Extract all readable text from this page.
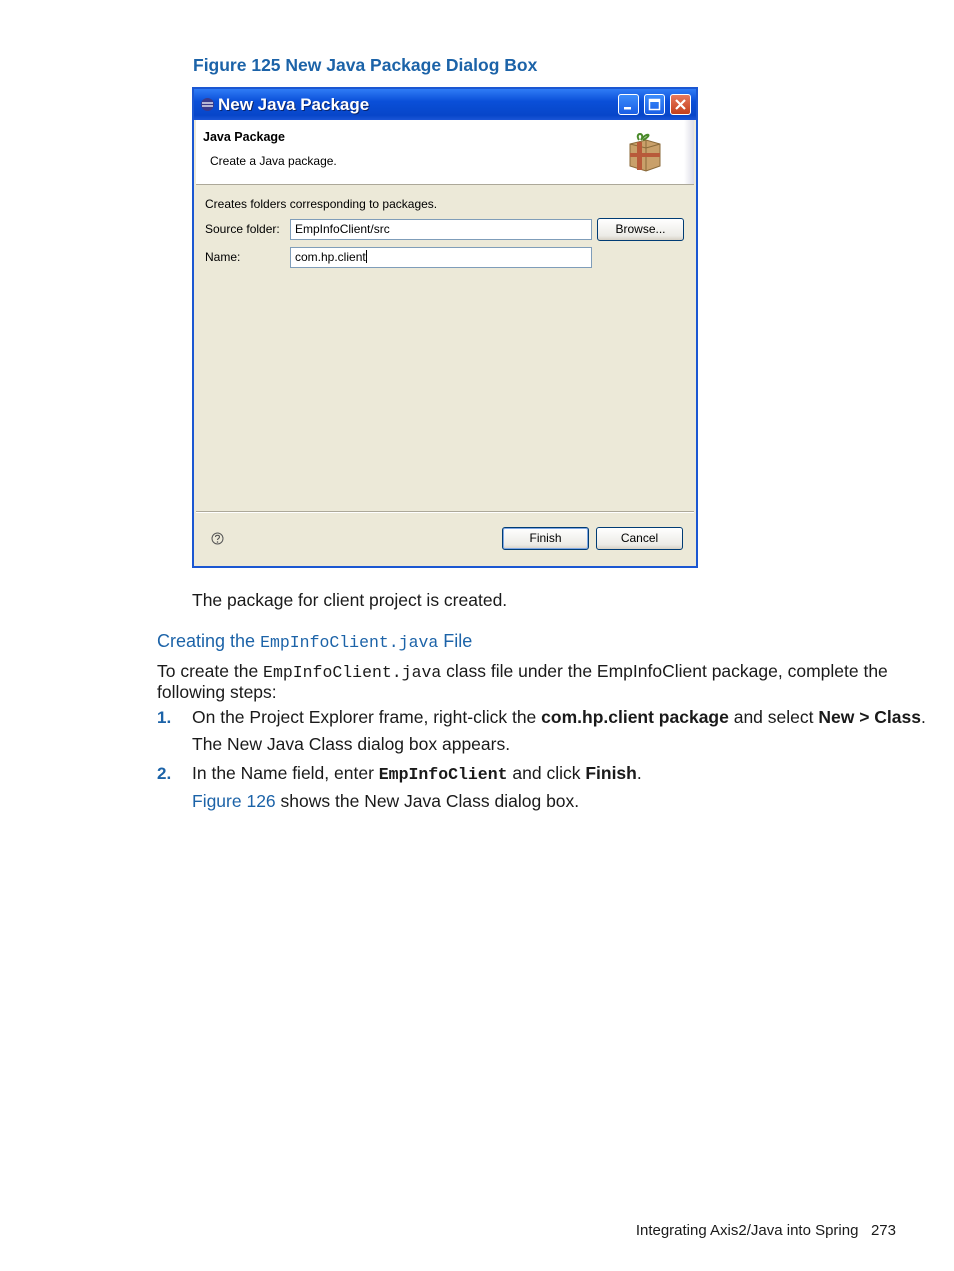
Figure 125 New Java Package Dialog Box
New Java Package
Java Package
Create a Java package.
Creates folders corresponding to packages.
Source folder:	EmpInfoClient/src	Browse...
Name:	com.hp.client
Finish	Cancel
The package for client project is created.
Creating the EmpInfoClient.java File
To create the EmpInfoClient.java class file under the EmpInfoClient package, complete the
following steps:
1. On the Project Explorer frame, right-click the com.hp.client package and select New > Class.
The New Java Class dialog box appears.
2. In the Name field, enter EmpInfoClient and click Finish.
Figure 126 shows the New Java Class dialog box.
Integrating Axis2/Java into Spring 273
